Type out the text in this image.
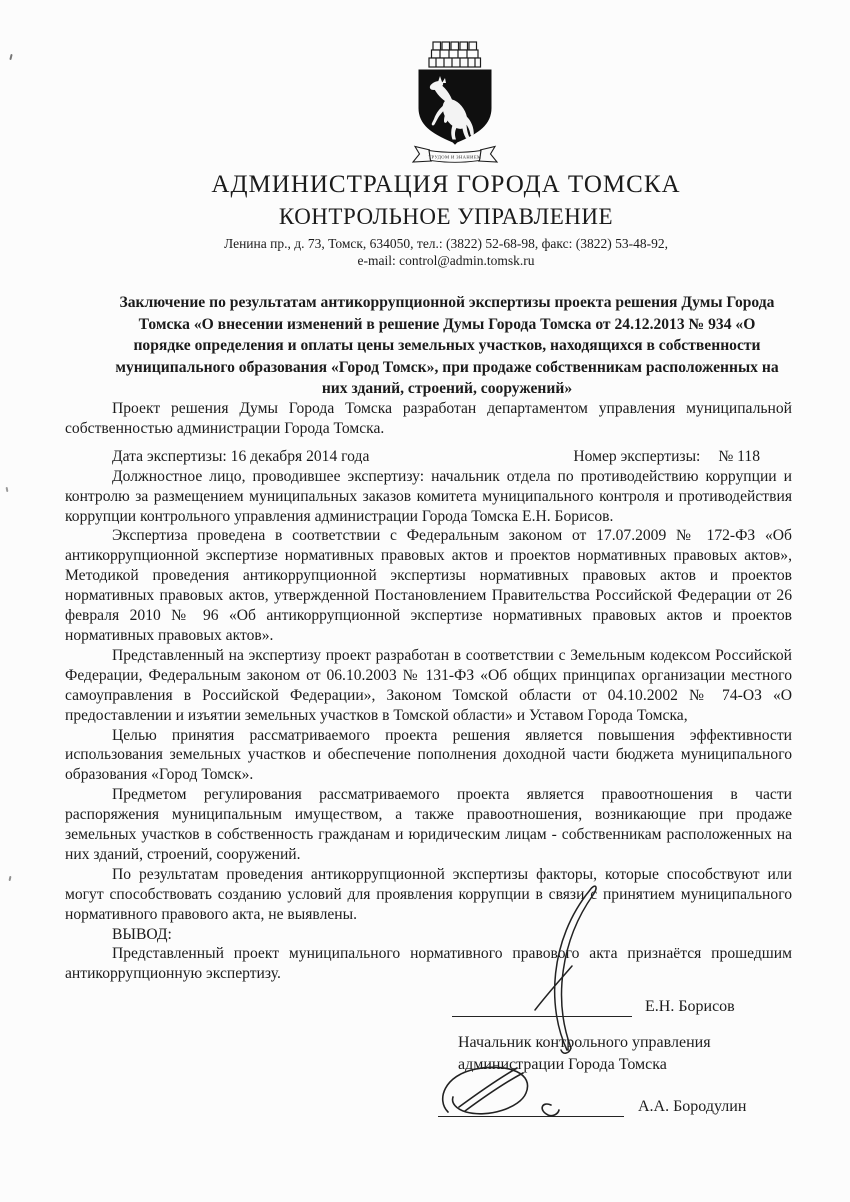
ТРУДОМ И ЗНАНИЕМ
АДМИНИСТРАЦИЯ ГОРОДА ТОМСКА
КОНТРОЛЬНОЕ УПРАВЛЕНИЕ
Ленина пр., д. 73, Томск, 634050, тел.: (3822) 52-68-98, факс: (3822) 53-48-92,
e-mail: control@admin.tomsk.ru
Заключение по результатам антикоррупционной экспертизы проекта решения Думы Города
Томска «О внесении изменений в решение Думы Города Томска от 24.12.2013 № 934 «О
порядке определения и оплаты цены земельных участков, находящихся в собственности
муниципального образования «Город Томск», при продаже собственникам расположенных на
них зданий, строений, сооружений»

Проект решения Думы Города Томска разработан департаментом управления муниципальной собственностью администрации Города Томска.

Дата экспертизы: 16 декабря 2014 года	Номер экспертизы: № 118

Должностное лицо, проводившее экспертизу: начальник отдела по противодействию коррупции и контролю за размещением муниципальных заказов комитета муниципального контроля и противодействия коррупции контрольного управления администрации Города Томска Е.Н. Борисов.

Экспертиза проведена в соответствии с Федеральным законом от 17.07.2009 № 172-ФЗ «Об антикоррупционной экспертизе нормативных правовых актов и проектов нормативных правовых актов», Методикой проведения антикоррупционной экспертизы нормативных правовых актов и проектов нормативных правовых актов, утвержденной Постановлением Правительства Российской Федерации от 26 февраля 2010 № 96 «Об антикоррупционной экспертизе нормативных правовых актов и проектов нормативных правовых актов».

Представленный на экспертизу проект разработан в соответствии с Земельным кодексом Российской Федерации, Федеральным законом от 06.10.2003 № 131-ФЗ «Об общих принципах организации местного самоуправления в Российской Федерации», Законом Томской области от 04.10.2002 № 74-ОЗ «О предоставлении и изъятии земельных участков в Томской области» и Уставом Города Томска,

Целью принятия рассматриваемого проекта решения является повышения эффективности использования земельных участков и обеспечение пополнения доходной части бюджета муниципального образования «Город Томск».

Предметом регулирования рассматриваемого проекта является правоотношения в части распоряжения муниципальным имуществом, а также правоотношения, возникающие при продаже земельных участков в собственность гражданам и юридическим лицам - собственникам расположенных на них зданий, строений, сооружений.

По результатам проведения антикоррупционной экспертизы факторы, которые способствуют или могут способствовать созданию условий для проявления коррупции в связи с принятием муниципального нормативного правового акта, не выявлены.

ВЫВОД:

Представленный проект муниципального нормативного правового акта признаётся прошедшим антикоррупционную экспертизу.

Е.Н. Борисов
Начальник контрольного управления
администрации Города Томска
А.А. Бородулин
